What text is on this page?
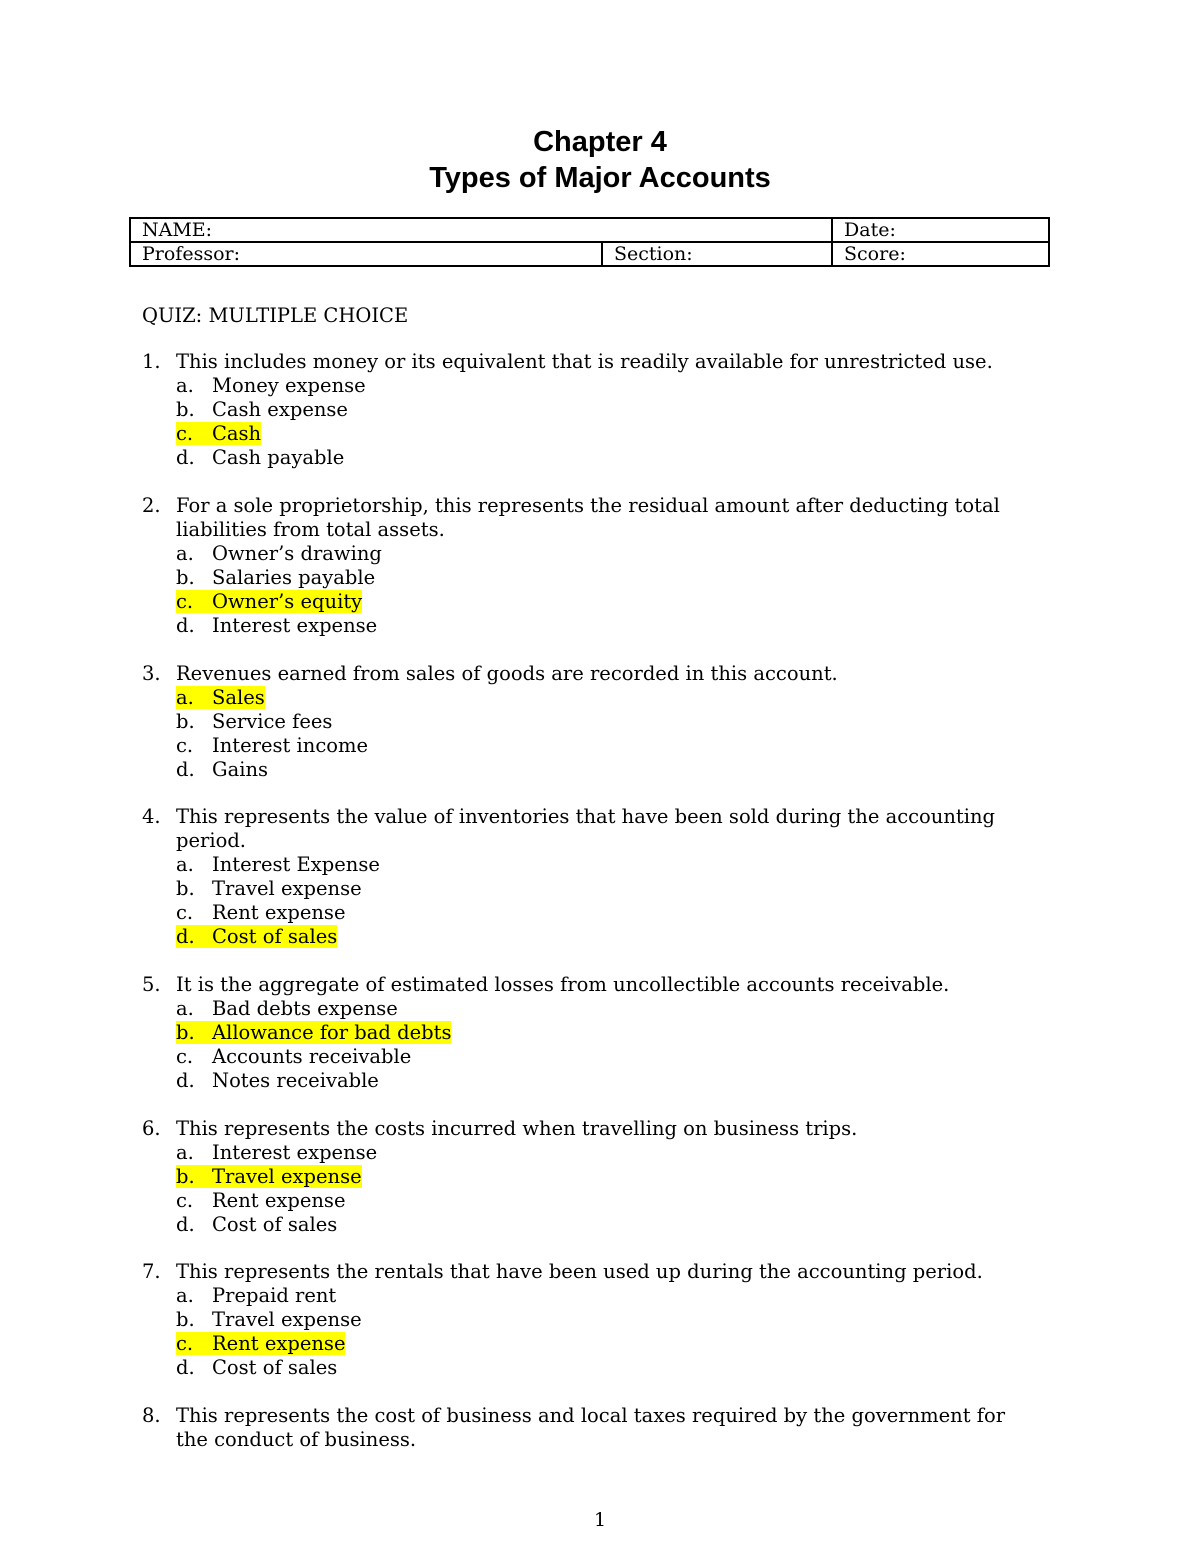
Chapter 4
Types of Major Accounts
NAME:		Date:
Professor:	Section:	Score:
QUIZ: MULTIPLE CHOICE
1. This includes money or its equivalent that is readily available for unrestricted use.
a. Money expense
b. Cash expense
c. Cash
d. Cash payable
2. For a sole proprietorship, this represents the residual amount after deducting total
liabilities from total assets.
a. Owner’s drawing
b. Salaries payable
c. Owner’s equity
d. Interest expense
3. Revenues earned from sales of goods are recorded in this account.
a. Sales
b. Service fees
c. Interest income
d. Gains
4. This represents the value of inventories that have been sold during the accounting
period.
a. Interest Expense
b. Travel expense
c. Rent expense
d. Cost of sales
5. It is the aggregate of estimated losses from uncollectible accounts receivable.
a. Bad debts expense
b. Allowance for bad debts
c. Accounts receivable
d. Notes receivable
6. This represents the costs incurred when travelling on business trips.
a. Interest expense
b. Travel expense
c. Rent expense
d. Cost of sales
7. This represents the rentals that have been used up during the accounting period.
a. Prepaid rent
b. Travel expense
c. Rent expense
d. Cost of sales
8. This represents the cost of business and local taxes required by the government for
the conduct of business.
1
